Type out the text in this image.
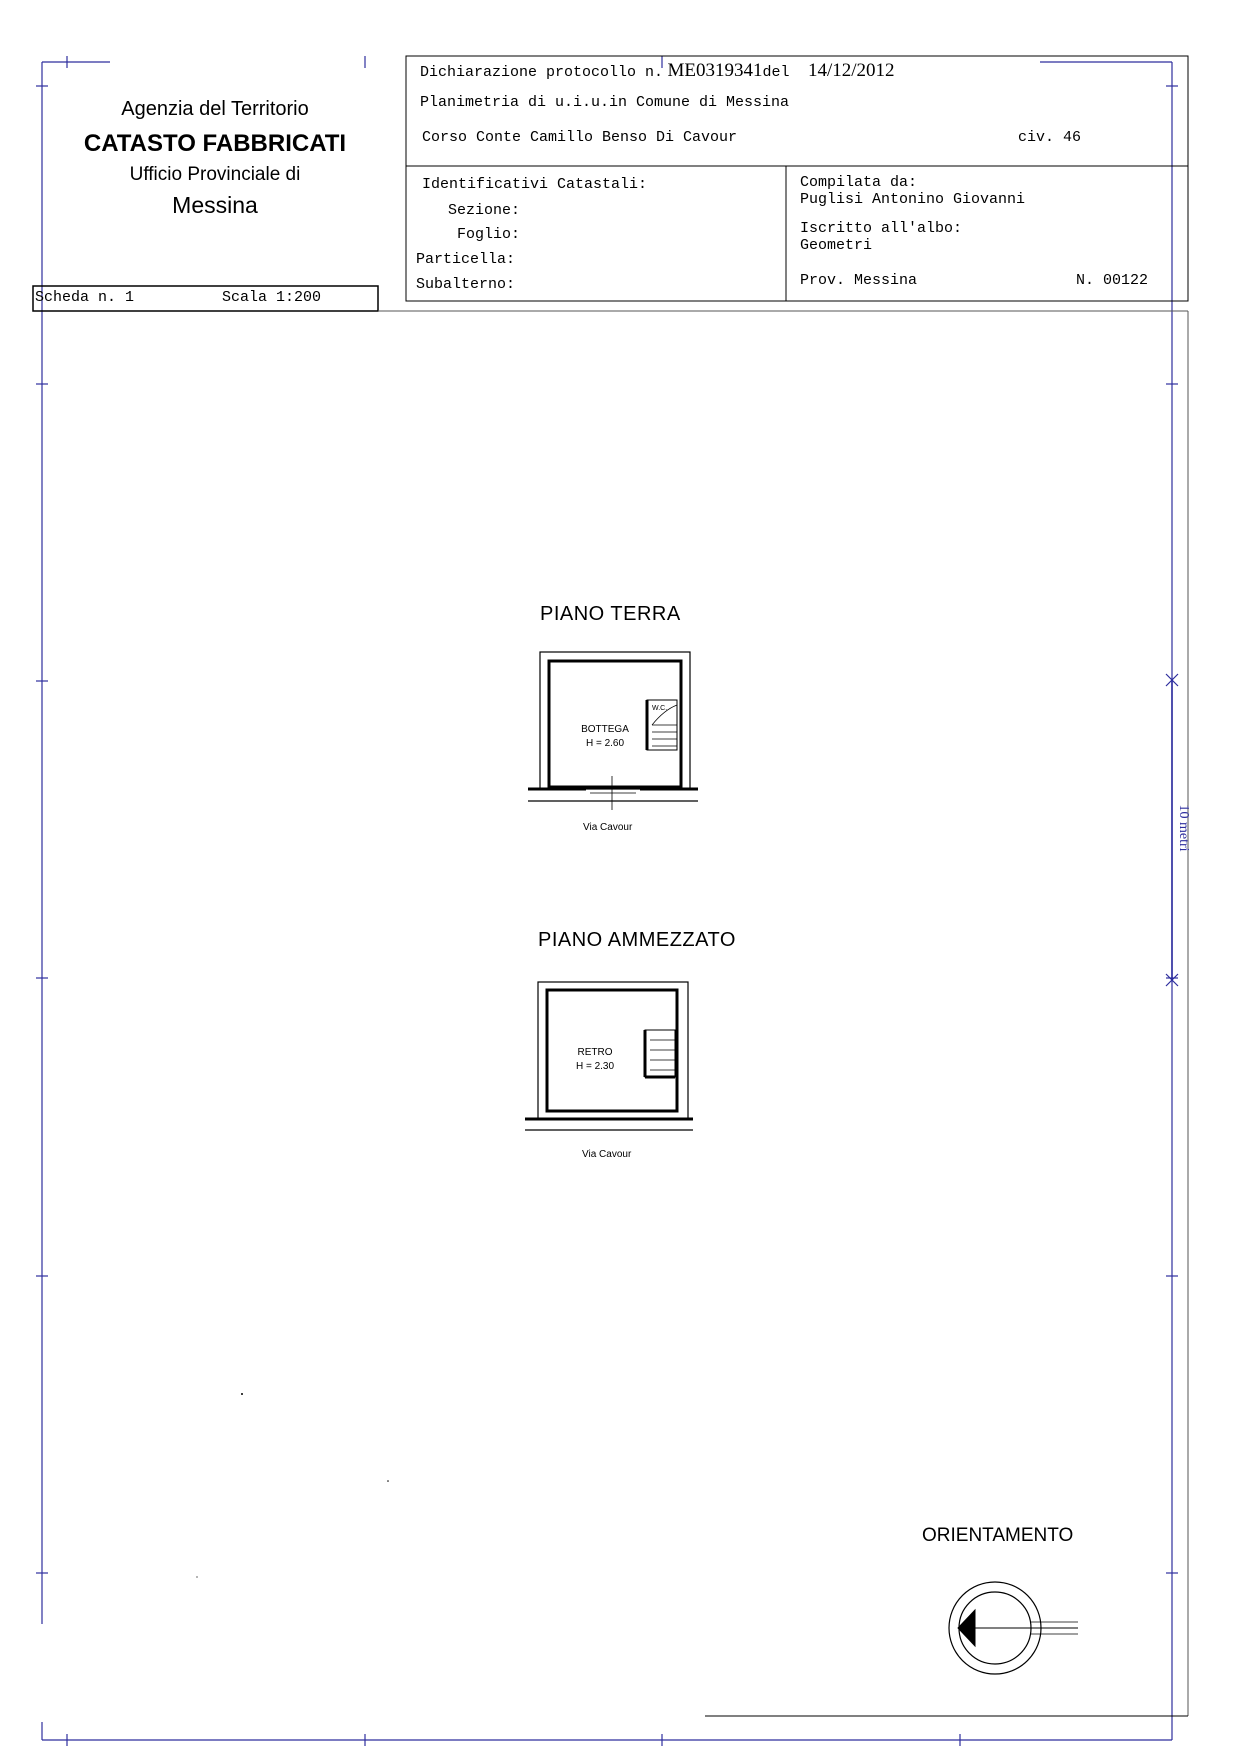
Agenzia del Territorio
CATASTO FABBRICATI
Ufficio Provinciale di
Messina
Scheda n. 1	Scala 1:200
Dichiarazione protocollo n. ME0319341del 14/12/2012
Planimetria di u.i.u.in Comune di Messina
Corso Conte Camillo Benso Di Cavour	civ. 46
Identificativi Catastali:
Sezione:
Foglio:
Particella:
Subalterno:
Compilata da:
Puglisi Antonino Giovanni
Iscritto all'albo:
Geometri
Prov. Messina	N. 00122
PIANO TERRA
BOTTEGA
H = 2.60
W.C.
Via Cavour
PIANO AMMEZZATO
RETRO
H = 2.30
Via Cavour
10 metri
ORIENTAMENTO
